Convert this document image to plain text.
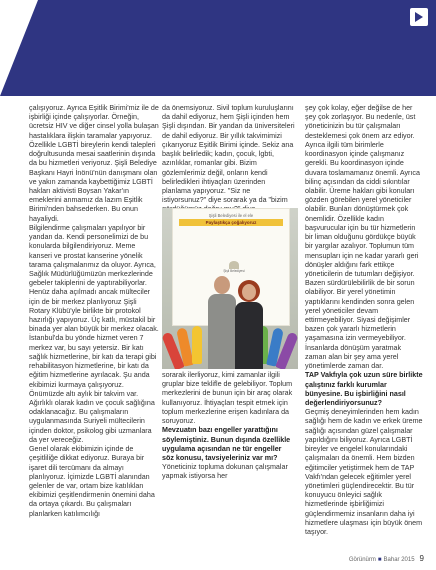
çalışıyoruz. Ayrıca Eşitlik Birimi'miz ile de işbirliği içinde çalışıyorlar. Örneğin, ücretsiz HIV ve diğer cinsel yolla bulaşan hastalıklara ilişkin taramalar yapıyoruz. Özellikle LGBTİ bireylerin kendi talepleri doğrultusunda mesai saatlerinin dışında da bu hizmetleri veriyoruz. Şişli Belediye Başkanı Hayri İnönü'nün danışmanı olan ve yakın zamanda kaybettiğimiz LGBTİ hakları aktivisti Boysan Yakar'ın emeklerini anmamız da lazım Eşitlik Birimi'nden bahsederken. Bu onun hayaliydi.

Bilgilendirme çalışmaları yapılıyor bir yandan da. Kendi personelimizi de bu konularda bilgilendiriyoruz. Meme kanseri ve prostat kanserine yönelik tarama çalışmalarımız da oluyor. Ayrıca, Sağlık Müdürlüğümüzün merkezlerinde gebeler takiplerini de yaptırabiliyorlar. Henüz daha açılmadı ancak mülteciler için de bir merkez planlıyoruz Şişli Rotary Klübü'yle birlikte bir protokol hazırlığı yapıyoruz. Üç katlı, müstakil bir binada yer alan büyük bir merkez olacak. İstanbul'da bu yönde hizmet veren 7 merkez var, bu sayı yetersiz. Bir katı sağlık hizmetlerine, bir katı da terapi gibi rehabilitasyon hizmetlerine, bir katı da eğitim hizmetlerine ayrılacak. Şu anda ekibimizi kurmaya çalışıyoruz. Önümüzde altı aylık bir takvim var. Ağırlıklı olarak kadın ve çocuk sağlığına odaklanacağız. Bu çalışmaların uygulanmasında Suriyeli mültecilerin içinden doktor, psikolog gibi uzmanlara da yer vereceğiz.

Genel olarak ekibimizin içinde de çeşitliliğe dikkat ediyoruz. Buraya bir işaret dili tercümanı da almayı planlıyoruz. İçimizde LGBTİ alanından gelenler de var, ortam bize katılıklan ekibimizi çeşitlendirmenin önemini daha da ortaya çıkardı. Bu çalışmaları planlarken katılımcılığı

da önemsiyoruz. Sivil toplum kuruluşlarını da dahil ediyoruz, hem Şişli içinden hem Şişli dışından. Bir yandan da üniversiteleri de dahil ediyoruz. Bir yıllık takvimimizi çıkarıyoruz Eşitlik Birimi içinde. Sekiz ana başlık belirledik; kadın, çocuk, lgbti, azınlıklar, romanlar gibi. Bizim gözlemlerimiz değil, onların kendi belirledikleri ihtiyaçları üzerinden planlama yapıyoruz. "Siz ne istiyorsunuz?" diye sorarak ya da "bizim

Şişli Belediyesi ile el ele
Paylaştıkça çoğalıyoruz
Şişli Belediyesi

sorarak ilerliyoruz, kimi zamanlar ilgili gruplar bize teklifle de gelebiliyor. Toplum merkezlerini de bunun için bir araç olarak kullanıyoruz. İhtiyaçları tespit etmek için toplum merkezlerine erişen kadınlara da soruyoruz.

Mevzuatın bazı engeller yarattığını söylemiştiniz. Bunun dışında özellikle uygulama açısından ne tür engeller söz konusu, tavsiyeleriniz var mı?

Yöneticiniz topluma dokunan çalışmalar yapmak istiyorsa her

şey çok kolay, eğer değilse de her şey çok zorlaşıyor. Bu nedenle, üst yöneticinizin bu tür çalışmaları desteklemesi çok önem arz ediyor. Ayrıca ilgili tüm birimlerle koordinasyon içinde çalışmanız gerekli. Bu koordinasyon içinde duvara toslamamanız önemli. Ayrıca bilinç açısından da ciddi sıkıntılar olabilir. Üreme hakları gibi konuları gözden görebilen yerel yöneticiler olabilir. Bunları dönüştürmek çok önemlidir. Özellikle kadın başvurucular için bu tür hizmetlerin bir liman olduğunu gördükçe büyük bir yargılar azalıyor. Toplumun tüm mensupları için ne kadar yararlı geri dönüşler aldığını fark ettikçe yöneticilerin de tutumları değişiyor. Bazen sürdürülebilirlik de bir sorun olabiliyor. Bir yerel yönetimin yaptıklarını kendinden sonra gelen yerel yöneticiler devam ettirmeyebiliyor. Siyasi değişimler bazen çok yararlı hizmetlerin yaşamasına izin vermeyebiliyor. İnsanlarda dönüşüm yaratmak zaman alan bir şey ama yerel yönetimlerde zaman dar.

TAP Vakfıyla çok uzun süre birlikte çalıştınız farklı kurumlar bünyesine. Bu işbirliğini nasıl değerlendiriyorsunuz?

Geçmiş deneyimlerinden hem kadın sağlığı hem de kadın ve erkek üreme sağlığı açısından güzel çalışmalar yapıldığını biliyoruz. Ayrıca LGBTİ bireyler ve engelel konularındaki çalışmaları da önemli. Hem bizden eğitimciler yetiştirmek hem de TAP Vakfı'ndan gelecek eğitimler yerel yönetimleri güçlendirecektir. Bu tür konuyucu önleyici sağlık hizmetlerinde işbirliğimizi güçlendirmemiz insanların daha iyi hizmetlere ulaşması için büyük önem taşıyor.

Görünürm ■ Bahar 2015 9
